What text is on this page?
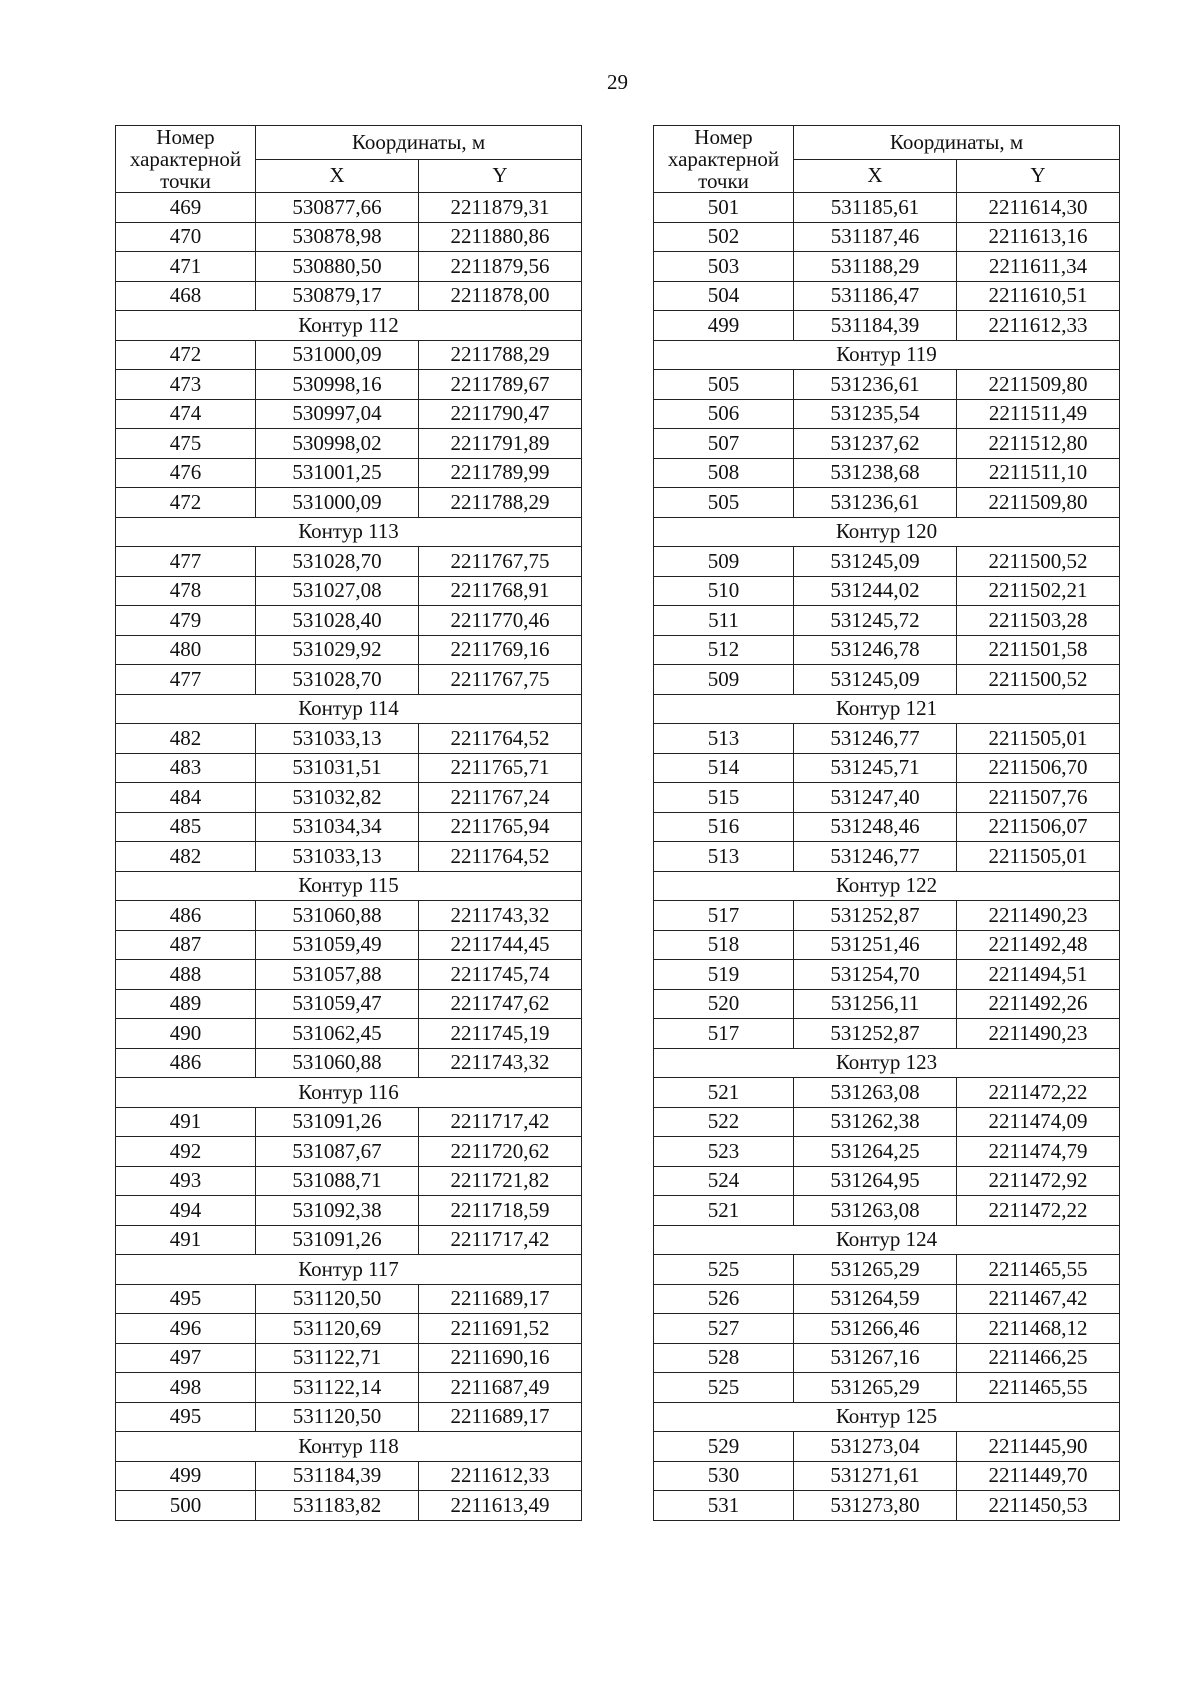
29
Номер
характерной
точки	Координаты, м	
	X	Y
469	530877,66	2211879,31
470	530878,98	2211880,86
471	530880,50	2211879,56
468	530879,17	2211878,00
Контур 112		
472	531000,09	2211788,29
473	530998,16	2211789,67
474	530997,04	2211790,47
475	530998,02	2211791,89
476	531001,25	2211789,99
472	531000,09	2211788,29
Контур 113		
477	531028,70	2211767,75
478	531027,08	2211768,91
479	531028,40	2211770,46
480	531029,92	2211769,16
477	531028,70	2211767,75
Контур 114		
482	531033,13	2211764,52
483	531031,51	2211765,71
484	531032,82	2211767,24
485	531034,34	2211765,94
482	531033,13	2211764,52
Контур 115		
486	531060,88	2211743,32
487	531059,49	2211744,45
488	531057,88	2211745,74
489	531059,47	2211747,62
490	531062,45	2211745,19
486	531060,88	2211743,32
Контур 116		
491	531091,26	2211717,42
492	531087,67	2211720,62
493	531088,71	2211721,82
494	531092,38	2211718,59
491	531091,26	2211717,42
Контур 117		
495	531120,50	2211689,17
496	531120,69	2211691,52
497	531122,71	2211690,16
498	531122,14	2211687,49
495	531120,50	2211689,17
Контур 118		
499	531184,39	2211612,33
500	531183,82	2211613,49
Номер
характерной
точки	Координаты, м	
	X	Y
501	531185,61	2211614,30
502	531187,46	2211613,16
503	531188,29	2211611,34
504	531186,47	2211610,51
499	531184,39	2211612,33
Контур 119		
505	531236,61	2211509,80
506	531235,54	2211511,49
507	531237,62	2211512,80
508	531238,68	2211511,10
505	531236,61	2211509,80
Контур 120		
509	531245,09	2211500,52
510	531244,02	2211502,21
511	531245,72	2211503,28
512	531246,78	2211501,58
509	531245,09	2211500,52
Контур 121		
513	531246,77	2211505,01
514	531245,71	2211506,70
515	531247,40	2211507,76
516	531248,46	2211506,07
513	531246,77	2211505,01
Контур 122		
517	531252,87	2211490,23
518	531251,46	2211492,48
519	531254,70	2211494,51
520	531256,11	2211492,26
517	531252,87	2211490,23
Контур 123		
521	531263,08	2211472,22
522	531262,38	2211474,09
523	531264,25	2211474,79
524	531264,95	2211472,92
521	531263,08	2211472,22
Контур 124		
525	531265,29	2211465,55
526	531264,59	2211467,42
527	531266,46	2211468,12
528	531267,16	2211466,25
525	531265,29	2211465,55
Контур 125		
529	531273,04	2211445,90
530	531271,61	2211449,70
531	531273,80	2211450,53
